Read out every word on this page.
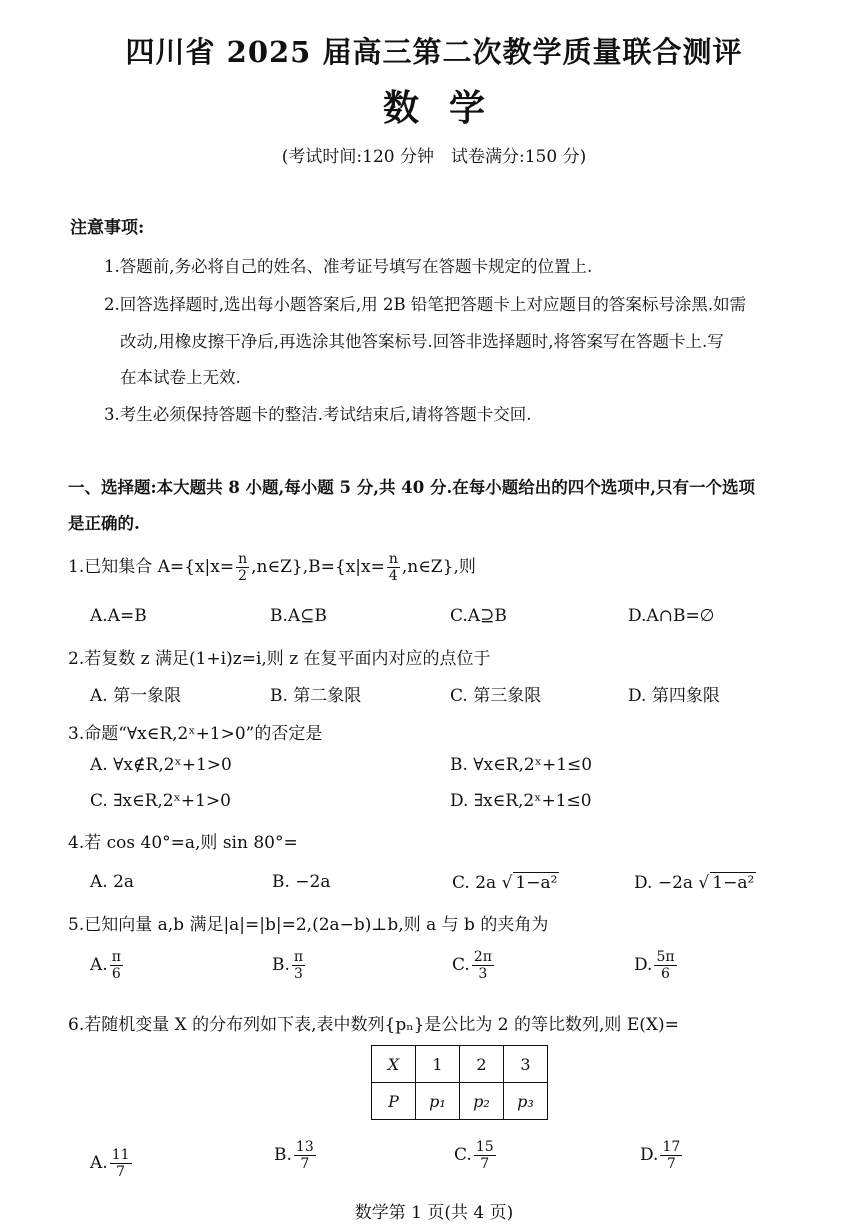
四川省 2025 届高三第二次教学质量联合测评
数学
(考试时间:120 分钟　试卷满分:150 分)
注意事项:
1.答题前,务必将自己的姓名、准考证号填写在答题卡规定的位置上.
2.回答选择题时,选出每小题答案后,用 2B 铅笔把答题卡上对应题目的答案标号涂黑.如需
改动,用橡皮擦干净后,再选涂其他答案标号.回答非选择题时,将答案写在答题卡上.写
在本试卷上无效.
3.考生必须保持答题卡的整洁.考试结束后,请将答题卡交回.
一、选择题:本大题共 8 小题,每小题 5 分,共 40 分.在每小题给出的四个选项中,只有一个选项
是正确的.
1.已知集合 $A=\{x|x= \frac{n}{2}$ ,n∈Z},B={x|x= $\frac{n}{4}$ ,n∈Z},则
A.A=B	B.A⊆B	C.A⊇B	D.A∩B=∅
2.若复数 z 满足(1+i)z=i,则 z 在复平面内对应的点位于
A. 第一象限	B. 第二象限	C. 第三象限	D. 第四象限
3.命题“∀x∈R,2ˣ+1>0”的否定是
A. ∀x∉R,2ˣ+1>0	B. ∀x∈R,2ˣ+1≤0
C. ∃x∈R,2ˣ+1>0	D. ∃x∈R,2ˣ+1≤0
4.若 cos 40°=a,则 sin 80°=
A. 2a	B. −2a	C. 2a √ 1−a²	D. −2a √ 1−a²
5.已知向量 a,b 满足|a|=|b|=2,(2a−b)⊥b,则 a 与 b 的夹角为
A. $\frac{\pi}{6}$	B. $\frac{\pi}{3}$	C. $\frac{2\pi}{3}$	D. $\frac{5\pi}{6}$
6.若随机变量 X 的分布列如下表,表中数列{pₙ}是公比为 2 的等比数列,则 E(X)=
X	1	2	3
P	p₁	p₂	p₃
A. $\frac{11}{7}$	B. $\frac{13}{7}$	C. $\frac{15}{7}$	D. $\frac{17}{7}$
数学第 1 页(共 4 页)
